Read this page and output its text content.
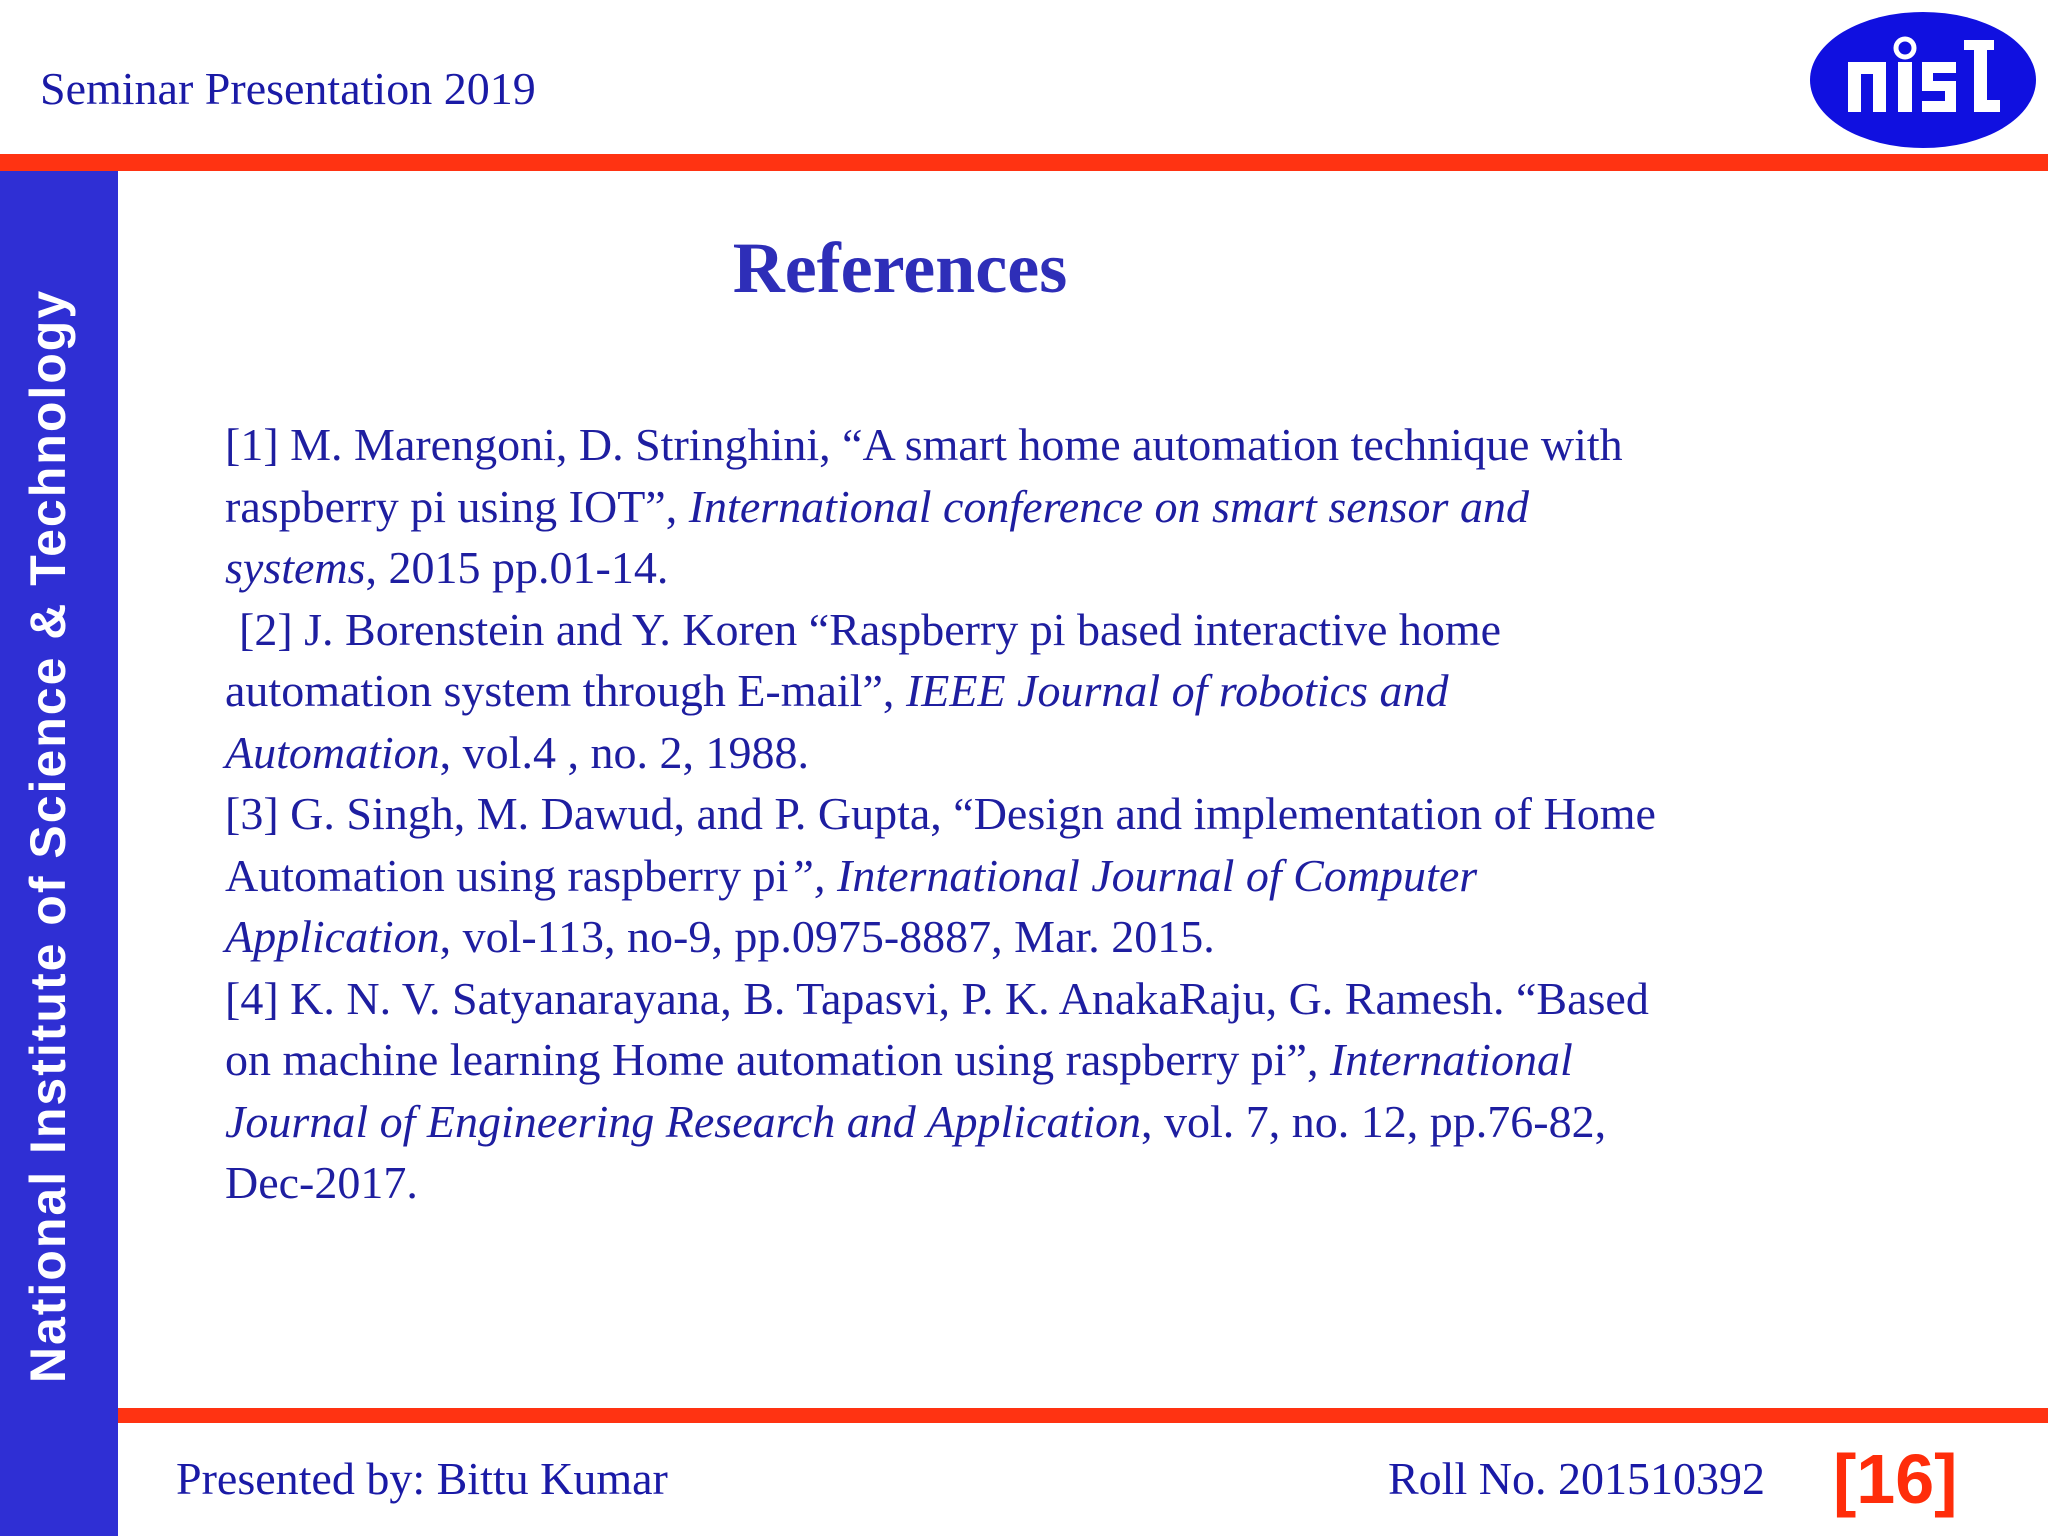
Seminar Presentation 2019
National Institute of Science & Technology
References
[1] M. Marengoni, D. Stringhini, “A smart home automation technique with
raspberry pi using IOT”, International conference on smart sensor and
systems, 2015 pp.01-14.
[2] J. Borenstein and Y. Koren “Raspberry pi based interactive home
automation system through E-mail”, IEEE Journal of robotics and
Automation, vol.4 , no. 2, 1988.
[3] G. Singh, M. Dawud, and P. Gupta, “Design and implementation of Home
Automation using raspberry pi”, International Journal of Computer
Application, vol-113, no-9, pp.0975-8887, Mar. 2015.
[4] K. N. V. Satyanarayana, B. Tapasvi, P. K. AnakaRaju, G. Ramesh. “Based
on machine learning Home automation using raspberry pi”, International
Journal of Engineering Research and Application, vol. 7, no. 12, pp.76-82,
Dec-2017.
Presented by: Bittu Kumar	Roll No. 201510392 [16]
